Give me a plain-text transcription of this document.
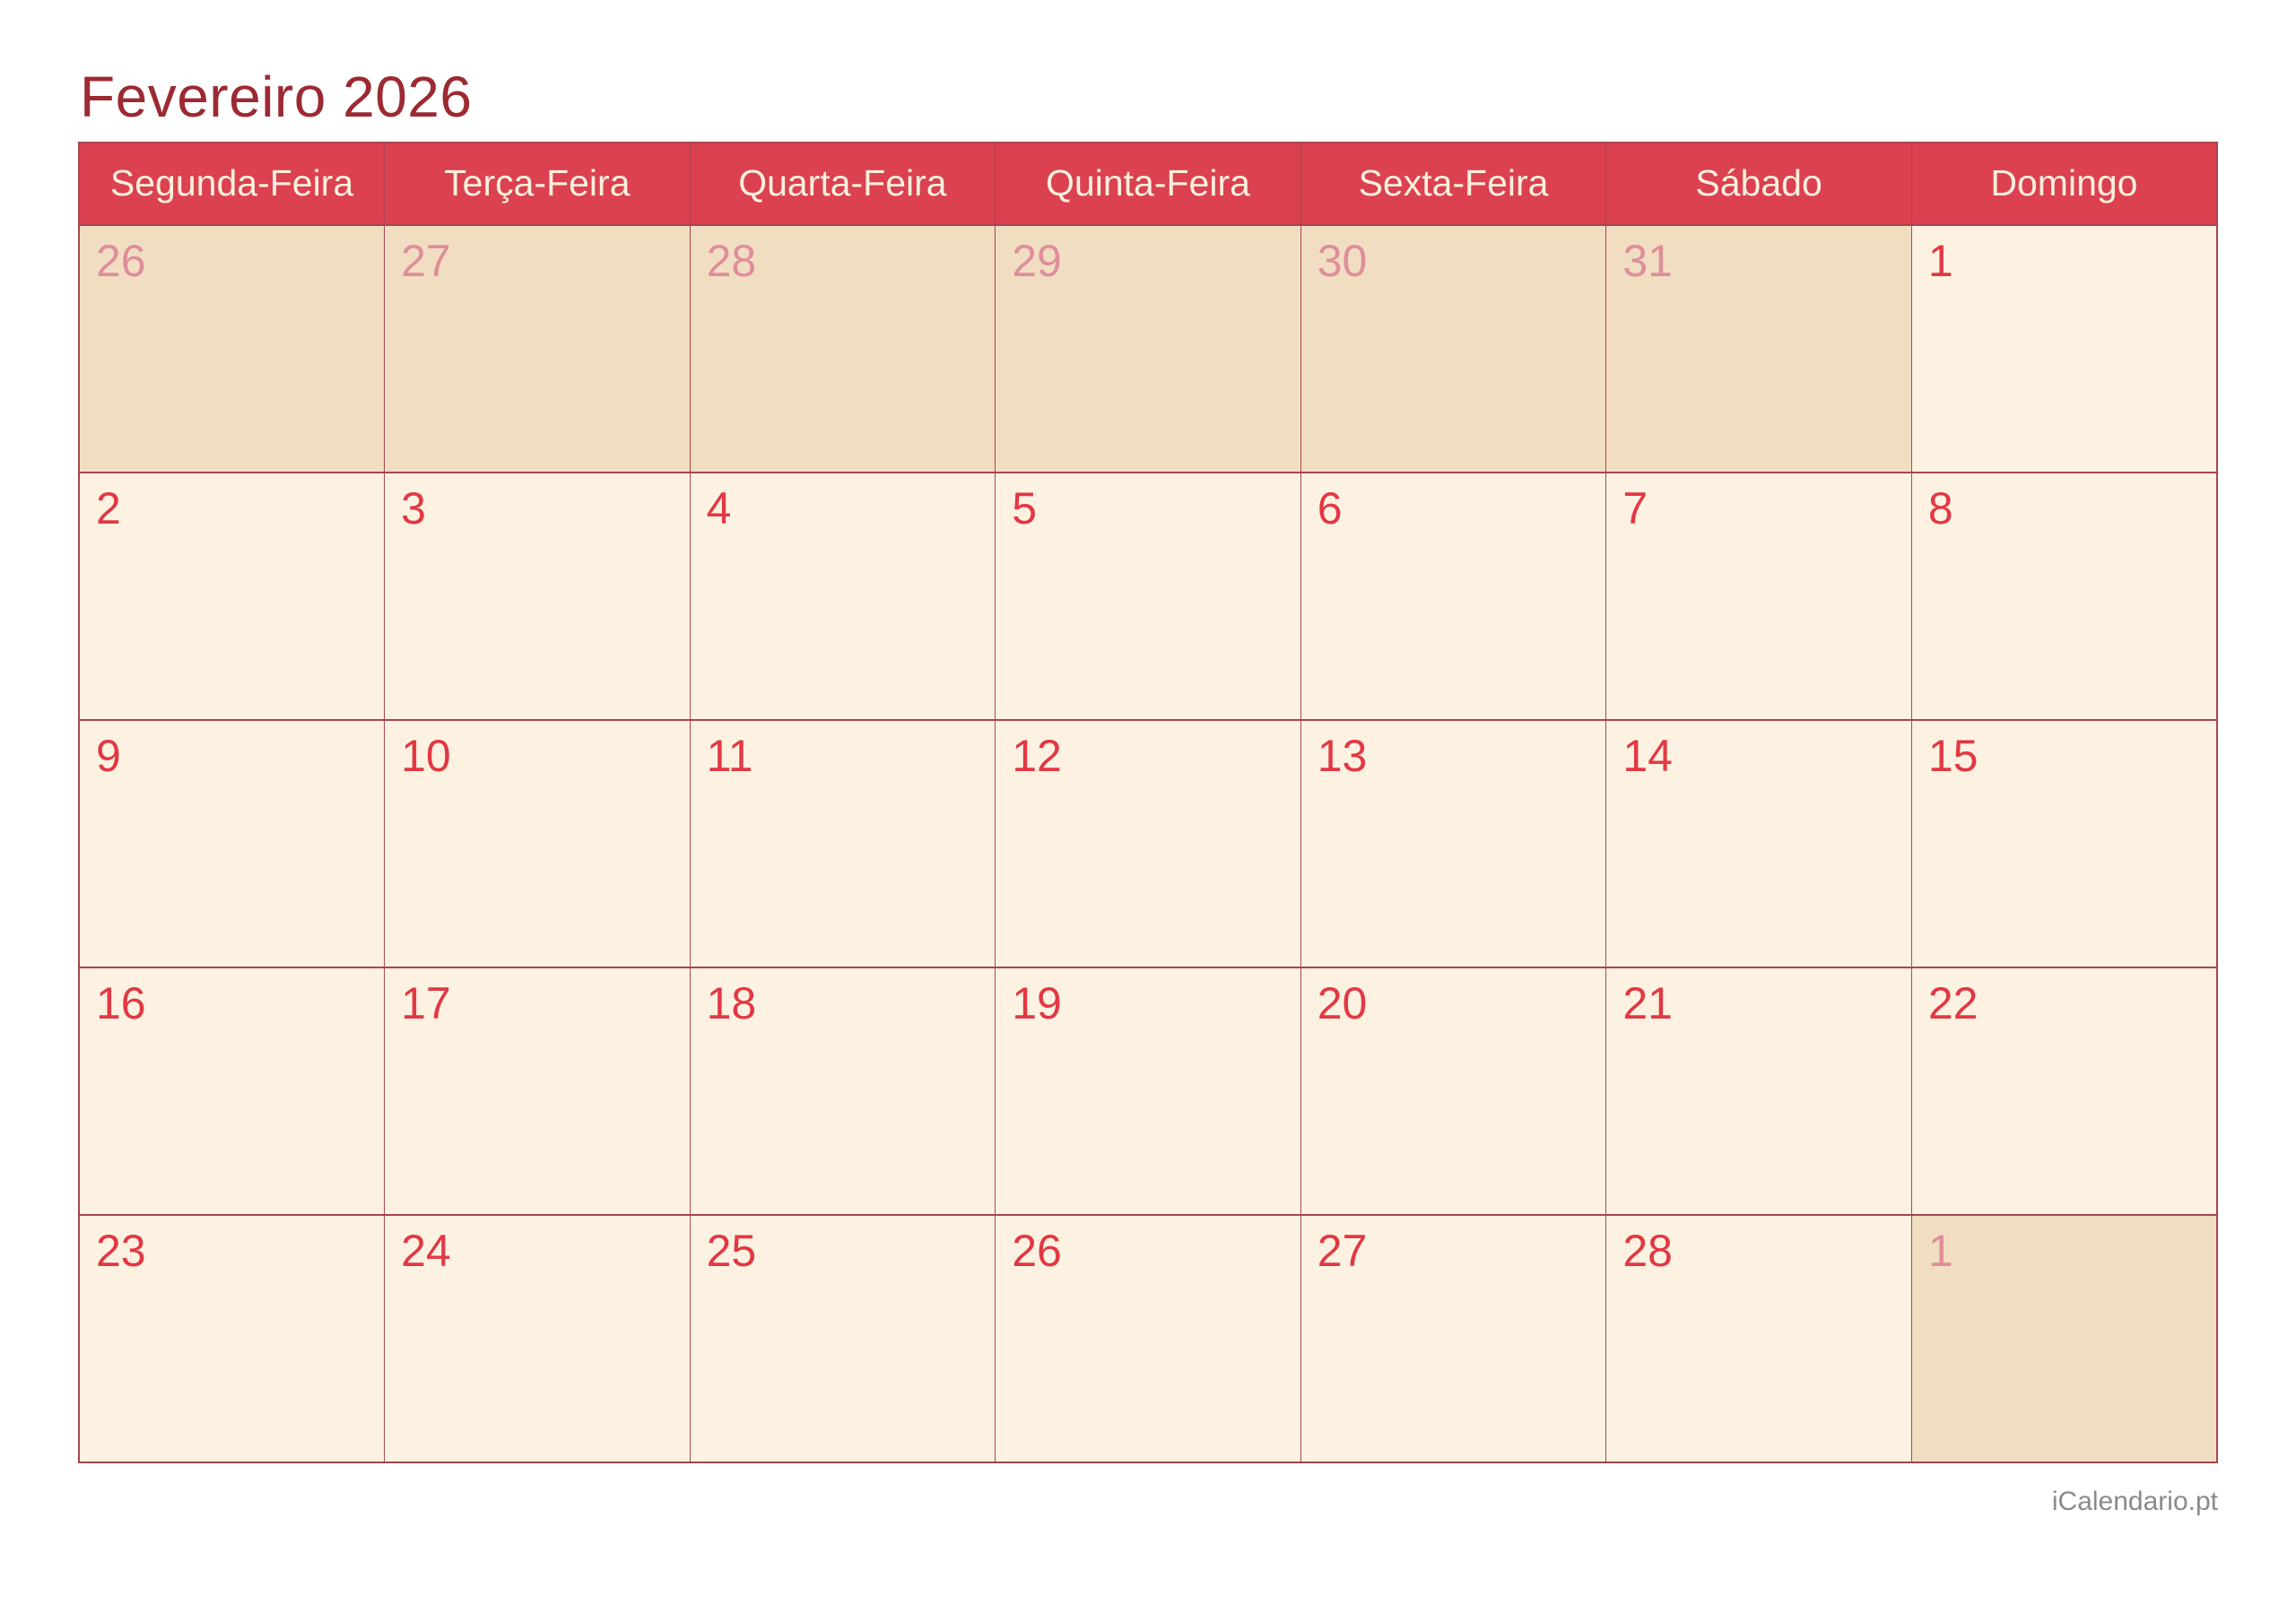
Fevereiro 2026
Segunda-Feira	Terça-Feira	Quarta-Feira	Quinta-Feira	Sexta-Feira	Sábado	Domingo
26	27	28	29	30	31	1
2	3	4	5	6	7	8
9	10	11	12	13	14	15
16	17	18	19	20	21	22
23	24	25	26	27	28	1
iCalendario.pt
